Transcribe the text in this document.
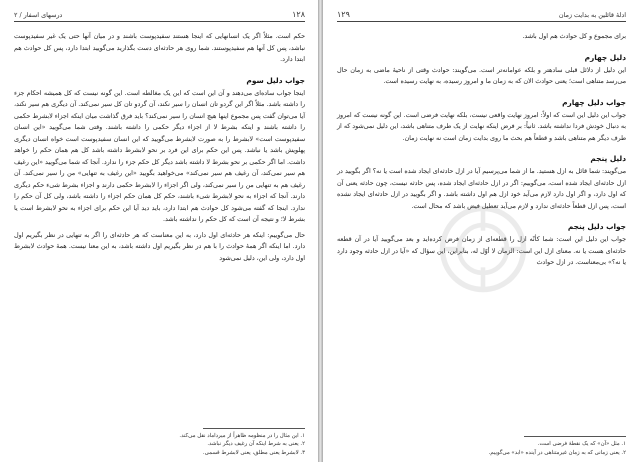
۱۲۸
درسهای اسفار / ۲

حکم است. مثلاً اگر یک انسانهایی که اینجا هستند سفیدپوست باشند و در میان آنها حتی یک غیر سفیدپوست نباشد، پس کل آنها هم سفیدپوستند. شما روی هر حادثه‌ای دست بگذارید می‌گویید ابتدا دارد، پس کل حوادث هم ابتدا دارد.

جواب دلیل سوم

اینجا جواب ساده‌ای می‌دهند و آن این است که این یک مغالطه است. این گونه نیست که کل همیشه احکام جزء را داشته باشد. مثلاً اگر این گردو تان انسان را سیر نکند، آن گردو تان کل سیر نمی‌کند. آن دیگری هم سیر نکند، آیا می‌توان گفت پس مجموع اینها هیچ انسان را سیر نمی‌کند؟ باید فرق گذاشت میان اینکه اجزاء لابشرط حکمی را داشته باشند و اینکه بشرط لا از اجزاء دیگر حکمی را داشته باشند. وقتی شما می‌گویید «این انسان سفیدپوست است» لابشرط را به صورت لابشرط می‌گویید که این انسان سفیدپوست است خواه انسان دیگری پهلویش باشد یا نباشد. پس این حکم برای این فرد بر نحو لابشرط داشته باشد کل هم همان حکم را خواهد داشت. اما اگر حکمی بر نحو بشرط لا داشته باشد دیگر کل حکم جزء را ندارد. آنجا که شما می‌گویید «این رغیف هم سیر نمی‌کند، آن رغیف هم سیر نمی‌کند» می‌خواهید بگویید «این رغیف به تنهایی» من را سیر نمی‌کند. آن رغیف هم به تنهایی من را سیر نمی‌کند، ولی اگر اجزاء را لابشرط حکمی دارند و اجزاء بشرط شیء حکم دیگری دارند. آنجا که اجزاء به نحو لابشرط شیء باشند، حکم کل همان حکم اجزاء را داشته باشد، ولی کل آن حکم را ندارد. اینجا که گفته می‌شود کل حوادث هم ابتدا دارد، باید دید آیا این حکم برای اجزاء به نحو لابشرط است یا بشرط لا؛ و نتیجه آن است که کل حکم را نداشته باشد.

حال می‌گوییم: اینکه هر حادثه‌ای اول دارد، به این معناست که هر حادثه‌ای را اگر به تنهایی در نظر بگیریم اول دارد. اما اینکه اگر همهٔ حوادث را با هم در نظر بگیریم اول داشته باشد، به این معنا نیست. همهٔ حوادث لابشرط اول دارد، ولی این، دلیل نمی‌شود

۱. این مثال را در منظومه ظاهراً از میرداماد نقل می‌کند.

۲. یعنی به شرط اینکه آن رغیف دیگر نباشد.

۳. لابشرط یعنی مطلق، یعنی لابشرط قسمی.

ادلهٔ قائلین به بدایت زمان
۱۲۹

برای مجموع و کل حوادث هم اول باشد.

دلیل چهارم

این دلیل از دلائل قبلی سادهتر و بلکه عوامانه‌تر است. می‌گویند: حوادث وقتی از ناحیهٔ ماضی به زمان حال می‌رسد متناهی است؛ یعنی حوادث الان که به زمان ما و امروز رسیده، به نهایت رسیده است.

جواب دلیل چهارم

جواب این دلیل این است که اولاً: امروز نهایت واقعی نیست، بلکه نهایت فرضی است. این گونه نیست که امروز به دنبال خودش فردا نداشته باشد. ثانیاً: بر فرض اینکه نهایت از یک طرف متناهی باشد، این دلیل نمی‌شود که از طرف دیگر هم متناهی باشد و قطعاً هم بحث ما روی بدایت زمان است نه نهایت زمان.

دلیل پنجم

می‌گویند: شما قائل به ازل هستید. ما از شما می‌پرسیم آیا در ازل حادثه‌ای ایجاد شده است یا نه؟ اگر بگویید در ازل حادثه‌ای ایجاد شده است، می‌گوییم: اگر در ازل حادثه‌ای ایجاد شده، پس حادثه نیست، چون حادثه یعنی آن که اول دارد، و اگر اول دارد لازم می‌آید خود ازل هم اول داشته باشد. و اگر بگویید در ازل حادثه‌ای ایجاد نشده است، پس ازل قطعاً حادثه‌ای ندارد و لازم می‌آید تعطیل فیض باشد که محال است.

جواب دلیل پنجم

جواب این دلیل این است: شما کأنّه ازل را قطعه‌ای از زمان فرض کرده‌اید و بعد می‌گویید آیا در آن قطعه حادثه‌ای هست یا نه. معنای ازل این است: الزمان لا أوّل له، بنابراین، این سؤال که «آیا در ازل حادثه وجود دارد یا نه؟» بی‌معناست. در ازل حوادث

۱. مثل «آن» که یک نقطهٔ فرضی است.

۲. یعنی زمانی که به زمان غیرمتناهی در آینده «ابد» می‌گوییم.
